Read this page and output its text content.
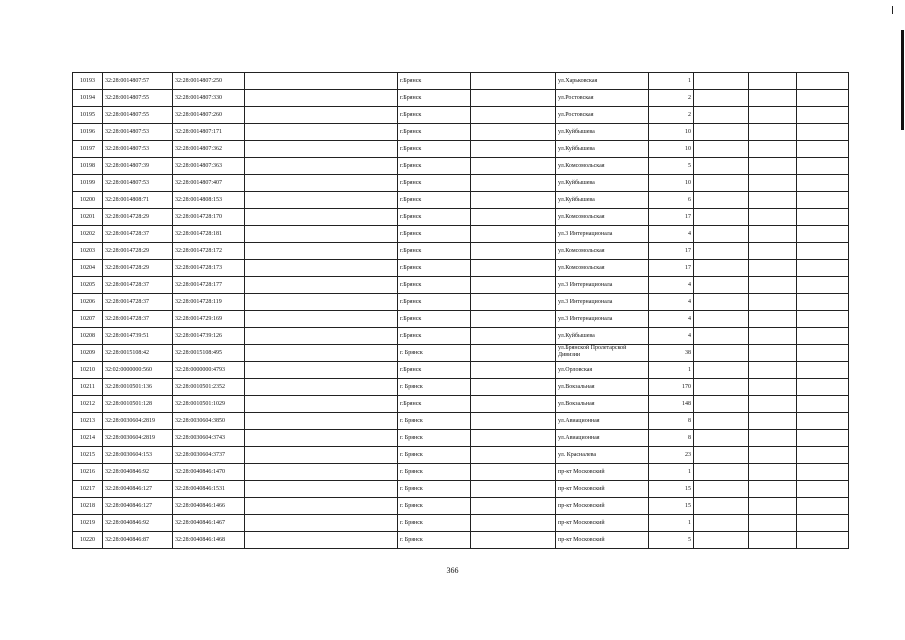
10193	32:28:0014807:57	32:28:0014807:250		г.Брянск		ул.Харьковская	1			
10194	32:28:0014807:55	32:28:0014807:330		г.Брянск		ул.Ростовская	2			
10195	32:28:0014807:55	32:28:0014807:260		г.Брянск		ул.Ростовская	2			
10196	32:28:0014807:53	32:28:0014807:171		г.Брянск		ул.Куйбышева	10			
10197	32:28:0014807:53	32:28:0014807:362		г.Брянск		ул.Куйбышева	10			
10198	32:28:0014807:39	32:28:0014807:363		г.Брянск		ул.Комсомольская	5			
10199	32:28:0014807:53	32:28:0014807:407		г.Брянск		ул.Куйбышева	10			
10200	32:28:0014808:71	32:28:0014808:153		г.Брянск		ул.Куйбышева	6			
10201	32:28:0014728:29	32:28:0014728:170		г.Брянск		ул.Комсомольская	17			
10202	32:28:0014728:37	32:28:0014728:181		г.Брянск		ул.3 Интернационала	4			
10203	32:28:0014728:29	32:28:0014728:172		г.Брянск		ул.Комсомольская	17			
10204	32:28:0014728:29	32:28:0014728:173		г.Брянск		ул.Комсомольская	17			
10205	32:28:0014728:37	32:28:0014728:177		г.Брянск		ул.3 Интернационала	4			
10206	32:28:0014728:37	32:28:0014728:119		г.Брянск		ул.3 Интернационала	4			
10207	32:28:0014728:37	32:28:0014729:169		г.Брянск		ул.3 Интернационала	4			
10208	32:28:0014739:51	32:28:0014739:126		г.Брянск		ул.Куйбышева	4			
10209	32:28:0015108:42	32:28:0015108:495		г. Брянск		ул.Брянской Пролетарской Дивизии	38			
10210	32:02:0000000:560	32:28:0000000:4793		г.Брянск		ул.Орловская	1			
10211	32:28:0010501:136	32:28:0010501:2352		г. Брянск		ул.Вокзальная	170			
10212	32:28:0010501:128	32:28:0010501:1029		г.Брянск		ул.Вокзальная	148			
10213	32:28:0030604:2819	32:28:0030604:3850		г. Брянск		ул.Авиационная	8			
10214	32:28:0030604:2819	32:28:0030604:3743		г. Брянск		ул.Авиационная	8			
10215	32:28:0030604:153	32:28:0030604:3737		г. Брянск		ул. Красналева	23			
10216	32:28:0040846:92	32:28:0040846:1470		г. Брянск		пр-кт Московский	1			
10217	32:28:0040846:127	32:28:0040846:1531		г. Брянск		пр-кт Московский	15			
10218	32:28:0040846:127	32:28:0040846:1466		г. Брянск		пр-кт Московский	15			
10219	32:28:0040846:92	32:28:0040846:1467		г. Брянск		пр-кт Московский	1			
10220	32:28:0040846:87	32:28:0040846:1468		г. Брянск		пр-кт Московский	5			
366
